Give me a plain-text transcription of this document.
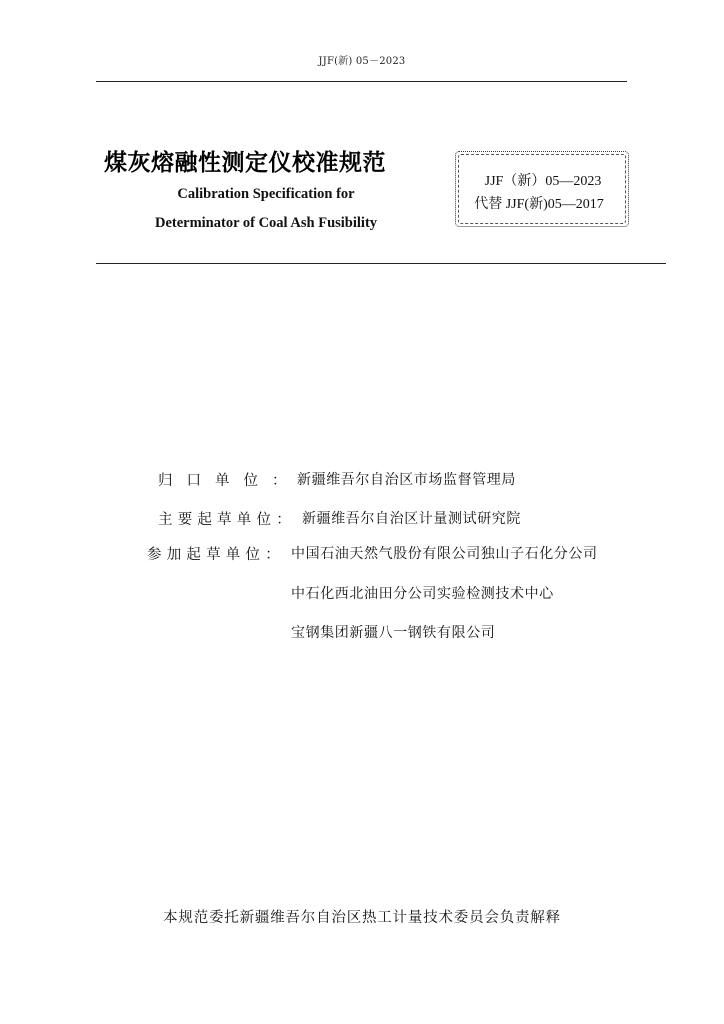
JJF(新) 05－2023
煤灰熔融性测定仪校准规范
Calibration Specification for
Determinator of Coal Ash Fusibility
JJF（新）05—2023
代替 JJF(新)05—2017
归口单位：
新疆维吾尔自治区市场监督管理局
主要起草单位： 新疆维吾尔自治区计量测试研究院
参加起草单位： 中国石油天然气股份有限公司独山子石化分公司
中石化西北油田分公司实验检测技术中心
宝钢集团新疆八一钢铁有限公司
本规范委托新疆维吾尔自治区热工计量技术委员会负责解释
